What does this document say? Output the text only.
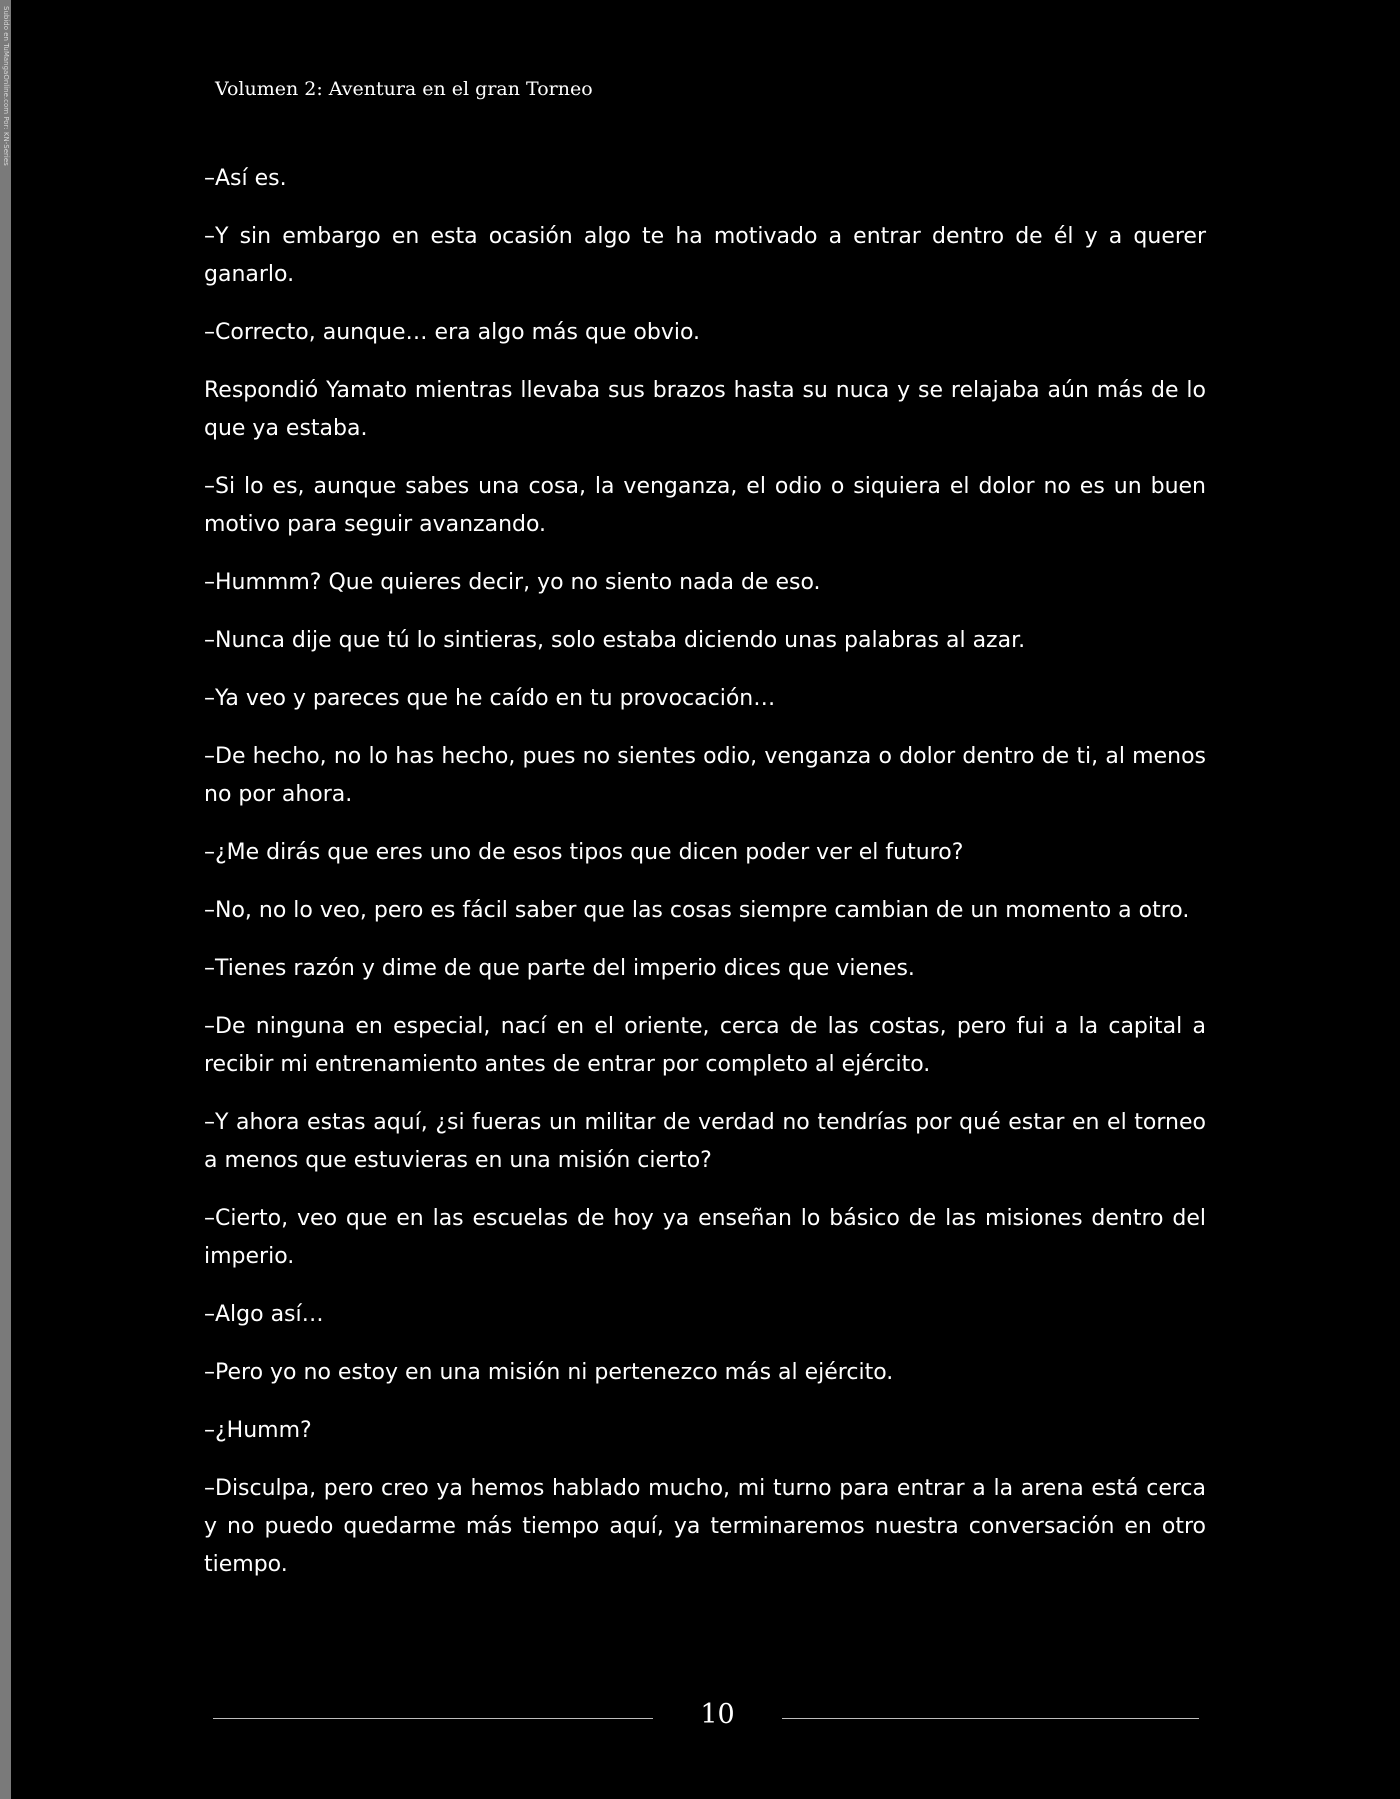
Subido en TuMangaOnline.com Por: KN-Series	Volumen 2: Aventura en el gran Torneo

–Así es.

–Y sin embargo en esta ocasión algo te ha motivado a entrar dentro de él y a querer ganarlo.

–Correcto, aunque… era algo más que obvio.

Respondió Yamato mientras llevaba sus brazos hasta su nuca y se relajaba aún más de lo que ya estaba.

–Si lo es, aunque sabes una cosa, la venganza, el odio o siquiera el dolor no es un buen motivo para seguir avanzando.

–Hummm? Que quieres decir, yo no siento nada de eso.

–Nunca dije que tú lo sintieras, solo estaba diciendo unas palabras al azar.

–Ya veo y pareces que he caído en tu provocación…

–De hecho, no lo has hecho, pues no sientes odio, venganza o dolor dentro de ti, al menos no por ahora.

–¿Me dirás que eres uno de esos tipos que dicen poder ver el futuro?

–No, no lo veo, pero es fácil saber que las cosas siempre cambian de un momento a otro.

–Tienes razón y dime de que parte del imperio dices que vienes.

–De ninguna en especial, nací en el oriente, cerca de las costas, pero fui a la capital a recibir mi entrenamiento antes de entrar por completo al ejército.

–Y ahora estas aquí, ¿si fueras un militar de verdad no tendrías por qué estar en el torneo a menos que estuvieras en una misión cierto?

–Cierto, veo que en las escuelas de hoy ya enseñan lo básico de las misiones dentro del imperio.

–Algo así…

–Pero yo no estoy en una misión ni pertenezco más al ejército.

–¿Humm?

–Disculpa, pero creo ya hemos hablado mucho, mi turno para entrar a la arena está cerca y no puedo quedarme más tiempo aquí, ya terminaremos nuestra conversación en otro tiempo.

10
